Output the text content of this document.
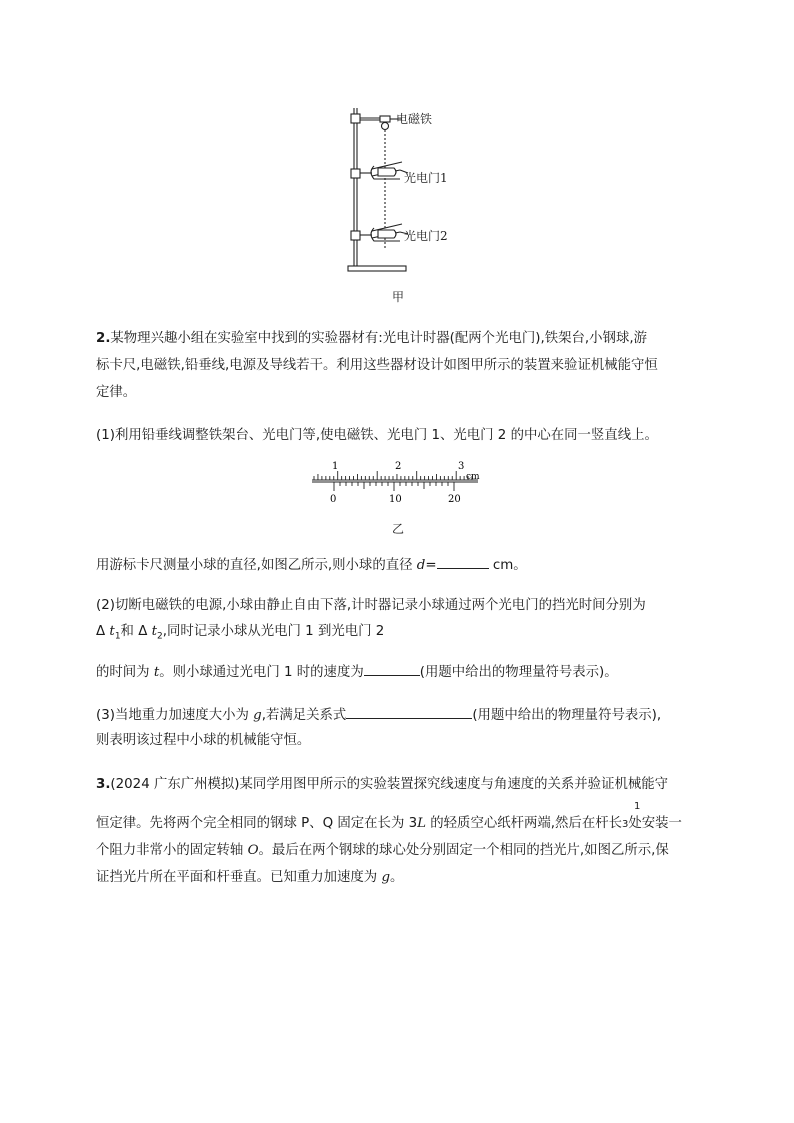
电磁铁
光电门1
光电门2
甲
2.某物理兴趣小组在实验室中找到的实验器材有:光电计时器(配两个光电门),铁架台,小钢球,游
标卡尺,电磁铁,铅垂线,电源及导线若干。利用这些器材设计如图甲所示的装置来验证机械能守恒
定律。
(1)利用铅垂线调整铁架台、光电门等,使电磁铁、光电门 1、光电门 2 的中心在同一竖直线上。
1	2	3
cm
0	10	20
乙
用游标卡尺测量小球的直径,如图乙所示,则小球的直径 d=	cm。
(2)切断电磁铁的电源,小球由静止自由下落,计时器记录小球通过两个光电门的挡光时间分别为
Δ $t_1$和 Δ $t_2$,同时记录小球从光电门 1 到光电门 2
的时间为 t。则小球通过光电门 1 时的速度为	(用题中给出的物理量符号表示)。
(3)当地重力加速度大小为 g,若满足关系式	(用题中给出的物理量符号表示),
则表明该过程中小球的机械能守恒。
3.(2024 广东广州模拟)某同学用图甲所示的实验装置探究线速度与角速度的关系并验证机械能守
1
恒定律。先将两个完全相同的钢球 P、Q 固定在长为 3L 的轻质空心纸杆两端,然后在杆长3处安装一
个阻力非常小的固定转轴 O。最后在两个钢球的球心处分别固定一个相同的挡光片,如图乙所示,保
证挡光片所在平面和杆垂直。已知重力加速度为 g。
